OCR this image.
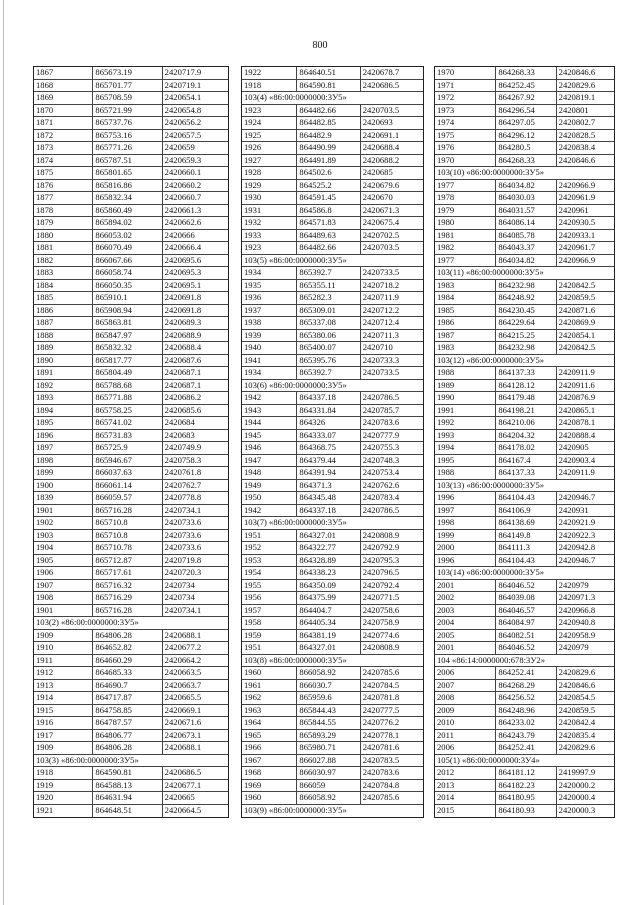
800
1867	865673.19	2420717.9
1868	865701.77	2420719.1
1869	865708.59	2420654.1
1870	865721.99	2420654.8
1871	865737.76	2420656.2
1872	865753.16	2420657.5
1873	865771.26	2420659
1874	865787.51	2420659.3
1875	865801.65	2420660.1
1876	865816.86	2420660.2
1877	865832.34	2420660.7
1878	865860.49	2420661.3
1879	865894.02	2420662.6
1880	866053.02	2420666
1881	866070.49	2420666.4
1882	866067.66	2420695.6
1883	866058.74	2420695.3
1884	866050.35	2420695.1
1885	865910.1	2420691.8
1886	865908.94	2420691.8
1887	865863.81	2420689.3
1888	865847.97	2420688.9
1889	865832.32	2420688.4
1890	865817.77	2420687.6
1891	865804.49	2420687.1
1892	865788.68	2420687.1
1893	865771.88	2420686.2
1894	865758.25	2420685.6
1895	865741.02	2420684
1896	865731.83	2420683
1897	865725.9	2420749.9
1898	865946.67	2420758.3
1899	866037.63	2420761.8
1900	866061.14	2420762.7
1839	866059.57	2420778.8
1901	865716.28	2420734.1
1902	865710.8	2420733.6
1903	865710.8	2420733.6
1904	865710.78	2420733.6
1905	865712.87	2420719.8
1906	865717.61	2420720.3
1907	865716.32	2420734
1908	865716.29	2420734
1901	865716.28	2420734.1
103(2) «86:00:0000000:3У5»
1909	864806.28	2420688.1
1910	864652.82	2420677.2
1911	864660.29	2420664.2
1912	864685.33	2420663.5
1913	864690.7	2420663.7
1914	864717.87	2420665.5
1915	864758.85	2420669.1
1916	864787.57	2420671.6
1917	864806.77	2420673.1
1909	864806.28	2420688.1
103(3) «86:00:0000000:3У5»
1918	864590.81	2420686.5
1919	864588.13	2420677.1
1920	864631.94	2420665
1921	864648.51	2420664.5
1922	864640.51	2420678.7
1918	864590.81	2420686.5
103(4) «86:00:0000000:3У5»
1923	864482.66	2420703.5
1924	864482.85	2420693
1925	864482.9	2420691.1
1926	864490.99	2420688.4
1927	864491.89	2420688.2
1928	864502.6	2420685
1929	864525.2	2420679.6
1930	864591.45	2420670
1931	864586.8	2420671.3
1932	864571.83	2420675.4
1933	864489.63	2420702.5
1923	864482.66	2420703.5
103(5) «86:00:0000000:3У5»
1934	865392.7	2420733.5
1935	865355.11	2420718.2
1936	865282.3	2420711.9
1937	865309.01	2420712.2
1938	865337.08	2420712.4
1939	865380.06	2420711.3
1940	865400.07	2420710
1941	865395.76	2420733.3
1934	865392.7	2420733.5
103(6) «86:00:0000000:3У5»
1942	864337.18	2420786.5
1943	864331.84	2420785.7
1944	864326	2420783.6
1945	864333.07	2420777.9
1946	864368.75	2420755.3
1947	864379.44	2420748.3
1948	864391.94	2420753.4
1949	864371.3	2420762.6
1950	864345.48	2420783.4
1942	864337.18	2420786.5
103(7) «86:00:0000000:3У5»
1951	864327.01	2420808.9
1952	864322.77	2420792.9
1953	864328.89	2420795.3
1954	864338.23	2420796.5
1955	864350.09	2420792.4
1956	864375.99	2420771.5
1957	864404.7	2420758.6
1958	864405.34	2420758.9
1959	864381.19	2420774.6
1951	864327.01	2420808.9
103(8) «86:00:0000000:3У5»
1960	866058.92	2420785.6
1961	866030.7	2420784.5
1962	865959.6	2420781.8
1963	865844.43	2420777.5
1964	865844.55	2420776.2
1965	865893.29	2420778.1
1966	865980.71	2420781.6
1967	866027.88	2420783.5
1968	866030.97	2420783.6
1969	866059	2420784.8
1960	866058.92	2420785.6
103(9) «86:00:0000000:3У5»
1970	864268.33	2420846.6
1971	864252.45	2420829.6
1972	864267.92	2420819.1
1973	864296.54	2420801
1974	864297.05	2420802.7
1975	864296.12	2420828.5
1976	864280.5	2420838.4
1970	864268.33	2420846.6
103(10) «86:00:0000000:3У5»
1977	864034.82	2420966.9
1978	864030.03	2420961.9
1979	864031.57	2420961
1980	864086.14	2420930.5
1981	864085.78	2420933.1
1982	864043.37	2420961.7
1977	864034.82	2420966.9
103(11) «86:00:0000000:3У5»
1983	864232.98	2420842.5
1984	864248.92	2420859.5
1985	864230.45	2420871.6
1986	864229.64	2420869.9
1987	864215.25	2420854.1
1983	864232.98	2420842.5
103(12) «86:00:0000000:3У5»
1988	864137.33	2420911.9
1989	864128.12	2420911.6
1990	864179.48	2420876.9
1991	864198.21	2420865.1
1992	864210.06	2420878.1
1993	864204.32	2420888.4
1994	864178.02	2420905
1995	864167.4	2420903.4
1988	864137.33	2420911.9
103(13) «86:00:0000000:3У5»
1996	864104.43	2420946.7
1997	864106.9	2420931
1998	864138.69	2420921.9
1999	864149.8	2420922.3
2000	864111.3	2420942.8
1996	864104.43	2420946.7
103(14) «86:00:0000000:3У5»
2001	864046.52	2420979
2002	864039.08	2420971.3
2003	864046.57	2420966.8
2004	864084.97	2420940.8
2005	864082.51	2420958.9
2001	864046.52	2420979
104 «86:14:0000000:678:3У2»
2006	864252.41	2420829.6
2007	864268.29	2420846.6
2008	864256.52	2420854.5
2009	864248.96	2420859.5
2010	864233.02	2420842.4
2011	864243.79	2420835.4
2006	864252.41	2420829.6
105(1) «86:00:0000000:3У4»
2012	864181.12	2419997.9
2013	864182.23	2420000.2
2014	864180.95	2420000.4
2015	864180.93	2420000.3
